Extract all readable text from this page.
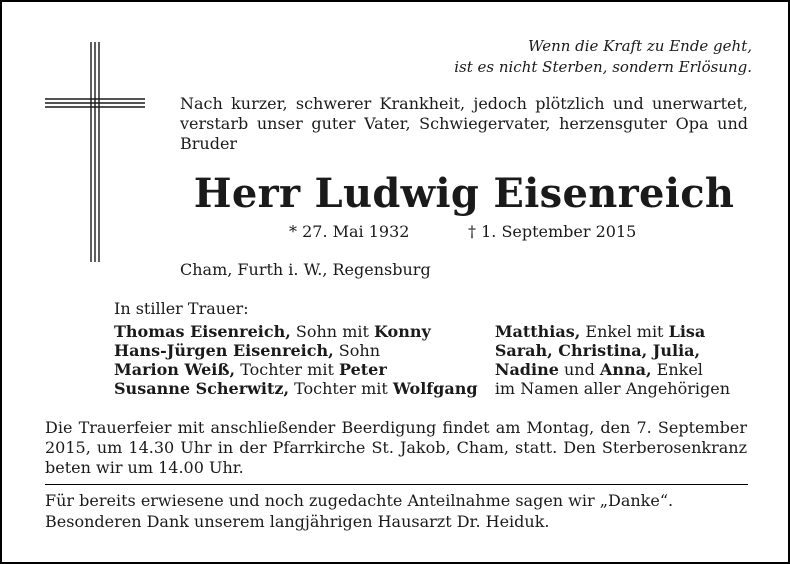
Wenn die Kraft zu Ende geht,
ist es nicht Sterben, sondern Erlösung.
Nach kurzer, schwerer Krankheit, jedoch plötzlich und unerwartet, verstarb unser guter Vater, Schwiegervater, herzensguter Opa und Bruder
Herr Ludwig Eisenreich
* 27. Mai 1932	† 1. September 2015
Cham, Furth i. W., Regensburg
In stiller Trauer:
Thomas Eisenreich, Sohn mit Konny
Hans-Jürgen Eisenreich, Sohn
Marion Weiß, Tochter mit Peter
Susanne Scherwitz, Tochter mit Wolfgang
Matthias, Enkel mit Lisa
Sarah, Christina, Julia,
Nadine und Anna, Enkel
im Namen aller Angehörigen
Die Trauerfeier mit anschließender Beerdigung findet am Montag, den 7. September 2015, um 14.30 Uhr in der Pfarrkirche St. Jakob, Cham, statt. Den Sterberosenkranz beten wir um 14.00 Uhr.
Für bereits erwiesene und noch zugedachte Anteilnahme sagen wir „Danke“.
Besonderen Dank unserem langjährigen Hausarzt Dr. Heiduk.
